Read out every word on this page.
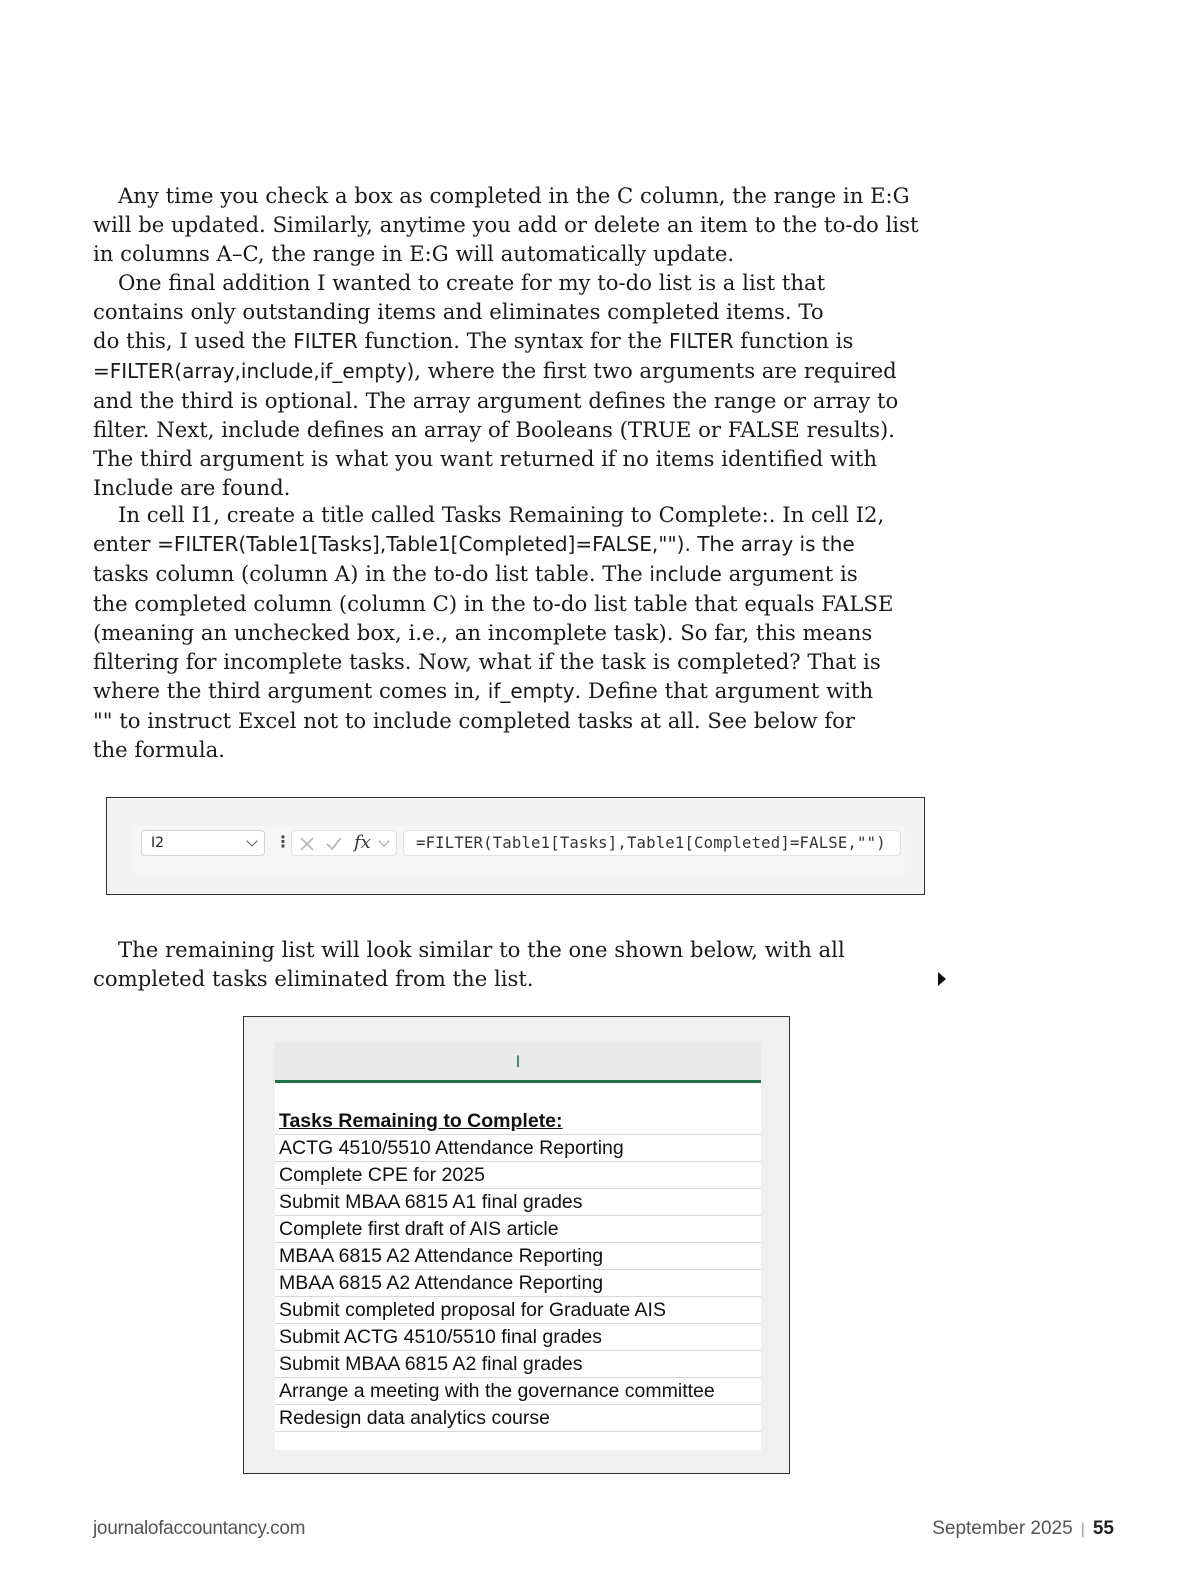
Any time you check a box as completed in the C column, the range in E:G
will be updated. Similarly, anytime you add or delete an item to the to-do list
in columns A–C, the range in E:G will automatically update.
One final addition I wanted to create for my to-do list is a list that
contains only outstanding items and eliminates completed items. To
do this, I used the FILTER function. The syntax for the FILTER function is
=FILTER(array,include,if_empty), where the first two arguments are required
and the third is optional. The array argument defines the range or array to
filter. Next, include defines an array of Booleans (TRUE or FALSE results).
The third argument is what you want returned if no items identified with
Include are found.
In cell I1, create a title called Tasks Remaining to Complete:. In cell I2,
enter =FILTER(Table1[Tasks],Table1[Completed]=FALSE,""). The array is the
tasks column (column A) in the to-do list table. The include argument is
the completed column (column C) in the to-do list table that equals FALSE
(meaning an unchecked box, i.e., an incomplete task). So far, this means
filtering for incomplete tasks. Now, what if the task is completed? That is
where the third argument comes in, if_empty. Define that argument with
"" to instruct Excel not to include completed tasks at all. See below for
the formula.
I2	⋮	fx	=FILTER(Table1[Tasks],Table1[Completed]=FALSE,"")
The remaining list will look similar to the one shown below, with all
completed tasks eliminated from the list.
I
Tasks Remaining to Complete:
ACTG 4510/5510 Attendance Reporting
Complete CPE for 2025
Submit MBAA 6815 A1 final grades
Complete first draft of AIS article
MBAA 6815 A2 Attendance Reporting
MBAA 6815 A2 Attendance Reporting
Submit completed proposal for Graduate AIS
Submit ACTG 4510/5510 final grades
Submit MBAA 6815 A2 final grades
Arrange a meeting with the governance committee
Redesign data analytics course
journalofaccountancy.com	September 2025 | 55
